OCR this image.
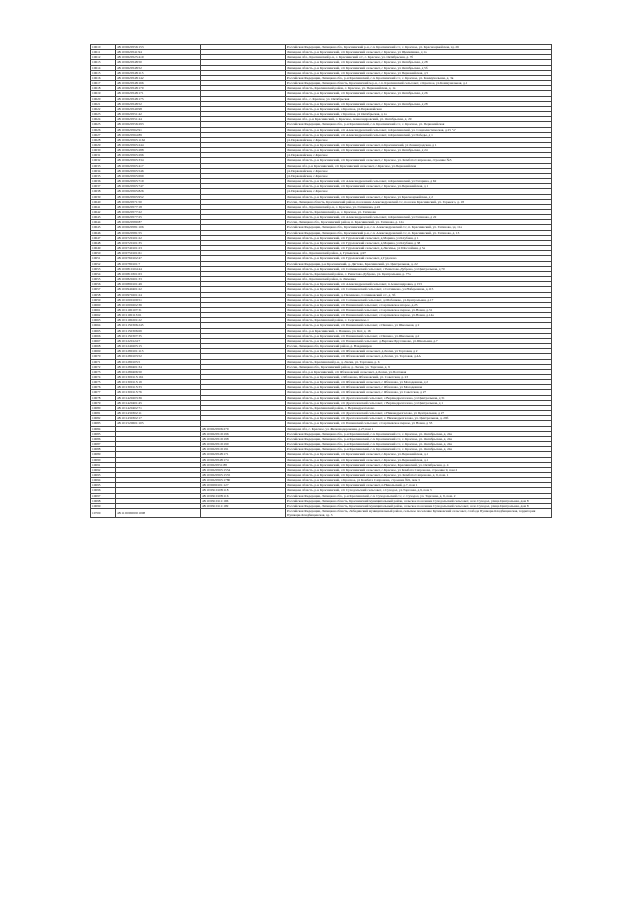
10610	48:10:0620556:153		Российская Федерация, Липецкая обл., Краснинский р-н, с.п. Краснинский с/с, с. Красное, ул. Красноармейская, зд. 26
10611	48:10:0620541:94		Липецкая область, р-н Краснинский, с/п Краснинский сельсовет, с Красное, ул Щемилинка, д 1а
10612	48:10:0620525:410		Липецкая обл., Краснинский р-н, с. Краснинский с/с, с. Красное, ул. Октябрьская, д. 7б
10613	48:10:0620548:50		Липецкая область, р-н Краснинский, с/п Краснинский сельсовет, с Красное, ул Октябрьская, д 28
10614	48:10:0620548:52		Липецкая область, р-н Краснинский, с/п Краснинский сельсовет, с Красное, ул Октябрьская, д 5б
10615	48:10:0620548:113		Липецкая область, р-н Краснинский, с/п Краснинский сельсовет, с Красное, ул Первомайская, д 5
10616	48:10:0620548:142		Российская Федерация, Липецкая обл., р-н Краснинский, с.п. Краснинский с/с, с. Красное, ул. Коммунальная, д. 3в
10617	48:10:0620548:166		Российская Федерация, Липецкая область, Краснинский м.р-н, с.п. Краснинский сельсовет, с.Красное, ул.Коммунальная, д.1
10618	48:10:0620548:170		Липецкая область, Краснинский район, с. Красное, ул. Первомайская, д. 1а
10619	48:10:0620548:171		Липецкая область, р-н Краснинский, с/п Краснинский сельсовет, с Красное, ул Октябрьская, д 26
10620	48:10:0620548:175		Липецкая обл., с. Красное, ул. Октябрьская
10621	48:10:0620548:52		Липецкая область, р-н Краснинский, с/п Краснинский сельсовет, с Красное, ул Октябрьская, д 28
10622	48:10:0620549:98		Липецкая область, р-н Краснинский, с.Красное, ул.Первомайская
10623	48:10:0620551:42		Липецкая область, р-н Краснинский, с Красное, ул Октябрьская, д 1а
10624	48:10:0620551:44		Липецкая обл., р-н Краснинский, с. Красное, Александровский, ул. Октябрьская, д. 29
10625	48:10:0620556:293		Российская Федерация, Липецкая обл., р-н Краснинский, с.п. Краснинский с/с, с. Красное, ул. Первомайская
10626	48:10:0620562:91		Липецкая область, р-н Краснинский, с/п Александровский сельсовет, п.Краснинский, ул. Социалистическая, д 25 "а"
10627	48:10:0620564:89		Липецкая область, р-н Краснинский, с/п Александровский сельсовет, п.Краснинский, ул Победы, д 1
10628	48:10:0620565:1162		ул.Первомайская, с.Красное
10629	48:10:0620565:244		Липецкая область, р-н Краснинский, с/п Краснинский сельсовет, п.Краснинский, ул Лененградская, д 1
10630	48:10:0620565:288		Липецкая область, р-н Краснинский, с/п Краснинский сельсовет, с Красное, ул Октябрьская, д 24
10631	48:10:0620565:296		ул.Первомайская, с.Красное
10632	48:10:0620565:334		Липецкая область, р-н Краснинский, с/п Краснинский сельсовет, с Красное, ул. Комбата Сапронова, строение №5
10633	48:10:0620565:417		Липецкая обл, р-н Краснинский, с/п Краснинский сельсовет, с.Красное, ул.Первомайская
10634	48:10:0620565:546		ул.Первомайская, с.Красное
10635	48:10:0620565:699		ул.Первомайская, с.Красное
10636	48:10:0620565:719		Липецкая область, р-н Краснинский, с/п Александровский сельсовет, п.Краснинский, ул Гагарина, д 62
10637	48:10:0620565:747		Липецкая область, р-н Краснинский, с/п Краснинский сельсовет, с Красное, ул.Первомайская, д 1
10638	48:10:0620565:826		ул.Первомайская, с.Красное
10639	48:10:0620565:952		Липецкая область, р-н Краснинский, с/п Краснинский сельсовет, с Красное, ул Красноармейская, д 2
10640	48:10:0620571:50		Россия, Липецкая область, Краснинский район, поселение Александровский с/с, поселок Краснинский, ул. Горького, д. 18
10641	48:10:0620577:18		Липецкая обл., Краснинский р-н, с. Красное, ул. Гагиинова, д.22
10642	48:10:0620577:22		Липецкая область, Краснинский р-н, с. Красное, ул. Гагинова
10643	48:10:0620577:25		Липецкая область, р-н Краснинский, с/п Александровский сельсовет, п.Краснинский, ул Гагинова, д 22
10644	48:10:0620580:87		Россия, Липецкая обл., Краснинский район, п. Краснинский, ул. Гагинова, д. 12а
10645	48:10:0620581:106		Российская Федерация, Липецкая обл., Краснинский р-н, с.п. Александровский с/с, п. Краснинский, ул. Гагинова, зд. 11а
10646	48:10:0620581:55		Российская Федерация, Липецкая обл., Краснинский р-н, с.п. Александровский с/с, п. Краснинский, ул. Гагинова, д. 13
10647	48:10:0720101:22		Липецкая область, р-н Краснинский, с/п Гудаловский сельсовет, д.Марина, ул Клубная, д 1
10648	48:10:0720101:35		Липецкая область, р-н Краснинский, с/п Гудаловский сельсовет, д.Марина, ул Клубная, д 38
10649	48:10:0740101:23		Липецкая область, р-н Краснинский, с/п Гудаловский сельсовет, д.Лисичье, ул Шоссейная, д 5а
10650	48:10:0750101:61		Липецкая обл., Краснинский район, д. Гулынская, д.97
10651	48:10:0760102:47		Липецкая область, р-н Краснинский, с/п Гудаловский сельсовет, д Гудалово
10652	48:10:0780101:7		Российская Федерация, р-н Краснинский, д. Дягтево, Краснинский, ул. Центральная, д. 22
10653	48:10:0810104:44		Липецкая область, р-н Краснинский, с/п Сотниковский сельсовет, с Решетово-Дуброво, ул Центральная, д 70
10654	48:10:0810301:63		Липецкая область, Краснинский район, с. Решетово-Дуброво, ул. Центральная, д. 77а
10655	48:10:0820201:33		Липецкая обл., Краснинский район, п. Лимовка
10656	48:10:0890101:49		Липецкая область, р-н Краснинский, с/п Александровский сельсовет, п Александровка, д 153
10657	48:10:0940401:22		Липецкая область, р-н Краснинский, с/п Сотниковский сельсовет, с.Сотниково, ул.Набережная, д.115
10658	48:10:0970201:24		Липецкая область, р-н Краснинский, д. Паленково, Сотниковский с/с, д. 3б
10659	48:10:1000109:51		Липецкая область, р-н Краснинский, с/п Сотниковский сельсовет, д.Шобашево, ул.Центральная, д.17
10660	48:10:1000202:36		Липецкая область, р-н Краснинский, с/п Пашенский сельсовет, с.Сергиевское второе, д.23
10661	48:10:1100107:31		Липецкая область, р-н Краснинский, с/п Пашенский сельсовет, с.Сергиевское первое, ул.Новая, д.31
10662	48:10:1100113:61		Липецкая область, р-н Краснинский, с/п Пашенский сельсовет, с.Сергиевское первое, ул.Новая, д.14а
10663	48:10:1100201:22		Липецкая область, Краснинский район, с. Сергиевское-1
10664	48:10:1150306:243		Липецкая область, р-н Краснинский, с/п Пашенский сельсовет, с.Пашено, ул Школьная, д 2
10665	48:10:1150306:69		Липецкая обл., р-н Краснинский, с. Пашено, ул. Кот, д. 16
10666	48:10:1150307:35		Липецкая область, р-н Краснинский, с/п Пашенский сельсовет, с.Пашено, ул.Школьная, д.2
10667	48:10:1220124:7		Липецкая область, р-н Краснинский, с/п Пашенский сельсовет, д.Верхнее Брусланово, ул.Школьная, д.7
10668	48:10:1240205:15		Россия, Липецкая обл, Краснинский район, д. Владимиров
10669	48:10:1280101:113		Липецкая область, р-н Краснинский, с/п Яблоновский сельсовет, д.Лески, ул Торговая, д 2
10670	48:10:1280103:52		Липецкая область, р-н Краснинский, с/п Яблоновский сельсовет, д.Лески, ул. Торговая, д.4А
10671	48:10:1280105:5		Липецкая область, Краснинский р-н, д. Лески, ул. Торговая, д. 6
10672	48:10:1280401:34		Россия, Липецкая обл., Краснинский район, д. Лески, ул. Торговая, д. 9
10673	48:10:1280406:50		Липецкая обл, р-н Краснинский, с/п Яблоновский сельсовет, д.Лески, ул.Почтовая
10674	48:10:1300115:161		Липецкая область, р-н Краснинский, с.Яблоново, Яблоновский, ул. Советская, д. 23
10675	48:10:1300115:19		Липецкая область, р-н Краснинский, с/п Яблоновский сельсовет, с Яблоново, ул Молодежная, д 2
10676	48:10:1300115:33		Липецкая область, р-н Краснинский, с/п Яблоновский сельсовет, с Яблоново, ул Молодежная
10677	48:10:1300115:76		Липецкая область, р-н Краснинский, с/п Яблоновский сельсовет, с Яблоново, ул Советская, д 27
10678	48:10:1420203:36		Липецкая область, р-н Краснинский, с/п Дрезгаловский сельсовет, с.Верхнедрезгалово, ул Центральная, д 31
10679	48:10:1420401:45		Липецкая область, р-н Краснинский, с/п Дрезгаловский сельсовет, с Верхнедрезгалово, ул Центральная, д 1
10680	48:10:1420402:71		Липецкая область, Краснинский район, с. Верхнедрезгалово
10681	48:10:1430302:11		Липецкая область, р-н Краснинский, с/п Дрезгаловский сельсовет, с.Нижнедрезгалово, ул Центральная, д 27
10682	48:10:1430302:17		Липецкая область, р-н Краснинский, с/п Дрезгаловский сельсовет, с. Нижнедрезгалово, ул. Центральная, д. 29б
10683	48:10:1520601:105		Липецкая область, р-н Краснинский, с/п Пашенский сельсовет, с.Сергиевское первое, ул Новая, д 33
10684		48:10:0620506:279	Липецкая обл, с. Красное, ул. Железнодорожная, д.27,пом 1
10685		48:10:0620519:196	Российская Федерация, Липецкая обл., р-н Краснинский, с.п. Краснинский с/с, с. Красное, ул. Октябрьская, д. 24а
10686		48:10:0620519:198	Российская Федерация, Липецкая обл., р-н Краснинский, с.п. Краснинский с/с, с. Красное, ул. Октябрьская, д. 24а
10687		48:10:0620519:190	Российская Федерация, Липецкая обл., р-н Краснинский, с.п. Краснинский с/с, с. Красное, ул. Октябрьская, д. 24а
10688		48:10:0620519:191	Российская Федерация, Липецкая обл., р-н Краснинский, с.п. Краснинский с/с, с. Красное, ул. Октябрьская, д. 24а
10689		48:10:0620548:171	Липецкая область, р-н Краснинский, с/п Краснинский сельсовет, с.Красное, ул.Первомайская, д.1
10690		48:10:0620548:174	Липецкая область, р-н Краснинский, с/п Краснинский сельсовет, с.Красное, ул.Первомайская, д.1
10691		48:10:0620551:88	Липецкая область, р-н Краснинский, с/п Краснинский сельсовет, с.Красное, Краснинский, ул. Октябрьская, д. 4
10692		48:10:0620565:1554	Липецкая область, р-н Краснинский, с/п Краснинский сельсовет, с.Красное, ул Комбата Сапронова, строение 9, пом 2
10693		48:10:0620565:1555	Липецкая область, р-н Краснинский, с/п Краснинский сельсовет, с.Красное, ул. Комбата Сапронова, д. 9, пом. 1
10694		48:10:0620565:1780	Липецкая область, р-н Краснинский, с.Красное, ул Комбата Сапронова, строение №9, пом 3
10695		48:10:0690101:127	Липецкая область, р-н Краснинский, с/п Краснинский сельсовет, п.Никольский, д.7, пом 1
10696		48:10:0910108:118	Липецкая область, р-н Краснинский, с/п Суходольский сельсовет, с.Суходол, ул.Торговая, д.9, пом 3
10697		48:10:0910108:116	Российская Федерация, Липецкая обл., р-н Краснинский, с.п. Суходольский с/с, с. Суходол, ул. Торговая, д. 9, пом. 2
10698		48:10:0910111:196	Российская Федерация, Липецкая область, Краснинский муниципальный район, сельское поселение Суходольский сельсовет, село Суходол, улица Центральная, дом 8
10699		48:10:0910111:199	Российская Федерация, Липецкая область, Краснинский муниципальный район, сельское поселение Суходольский сельсовет, село Суходол, улица Центральная, дом 8
10700	48:11:0000000:1008		Российская Федерация, Липецкая область, Лебедянский муниципальный район, сельское поселение Куликовский сельсовет, слобода Пушкари-Кладбищенская, территория Пушкари-Кладбищенская, зд. 3
